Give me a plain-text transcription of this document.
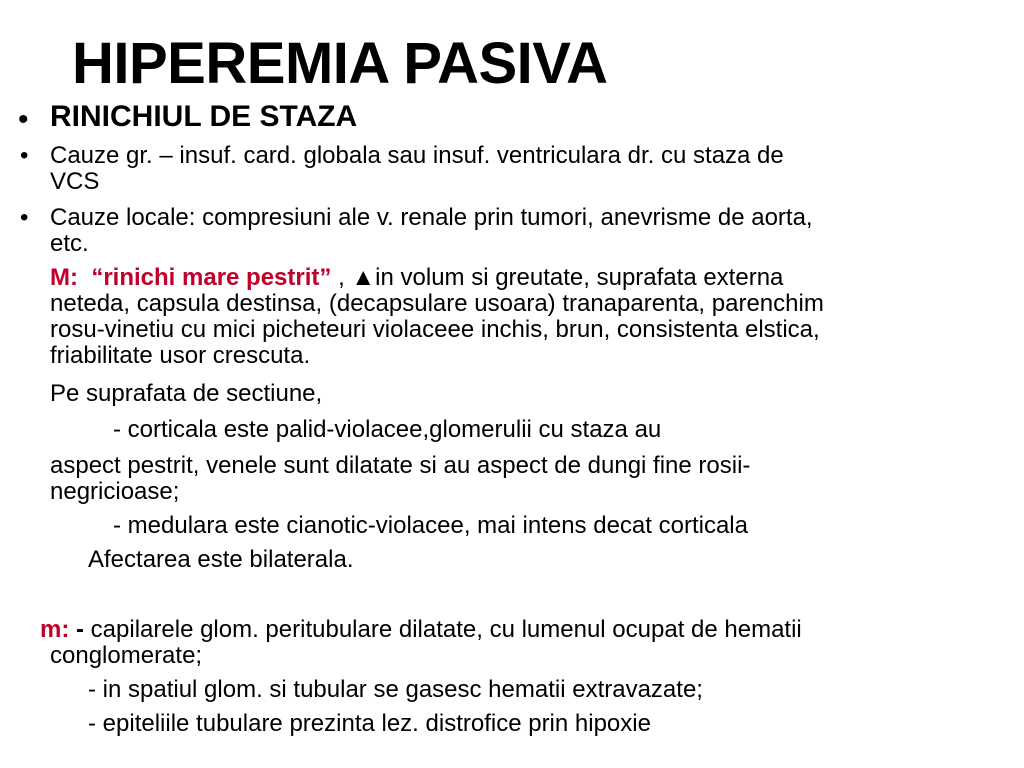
HIPEREMIA PASIVA
• RINICHIUL DE STAZA
• Cauze gr. – insuf. card. globala sau insuf. ventriculara dr. cu staza de
VCS
• Cauze locale: compresiuni ale v. renale prin tumori, anevrisme de aorta,
etc.
M: “rinichi mare pestrit” , ▲in volum si greutate, suprafata externa
neteda, capsula destinsa, (decapsulare usoara) tranaparenta, parenchim
rosu-vinetiu cu mici picheteuri violaceee inchis, brun, consistenta elstica,
friabilitate usor crescuta.
Pe suprafata de sectiune,
- corticala este palid-violacee,glomerulii cu staza au
aspect pestrit, venele sunt dilatate si au aspect de dungi fine rosii-
negricioase;
- medulara este cianotic-violacee, mai intens decat corticala
Afectarea este bilaterala.
m: - capilarele glom. peritubulare dilatate, cu lumenul ocupat de hematii
conglomerate;
- in spatiul glom. si tubular se gasesc hematii extravazate;
- epiteliile tubulare prezinta lez. distrofice prin hipoxie
